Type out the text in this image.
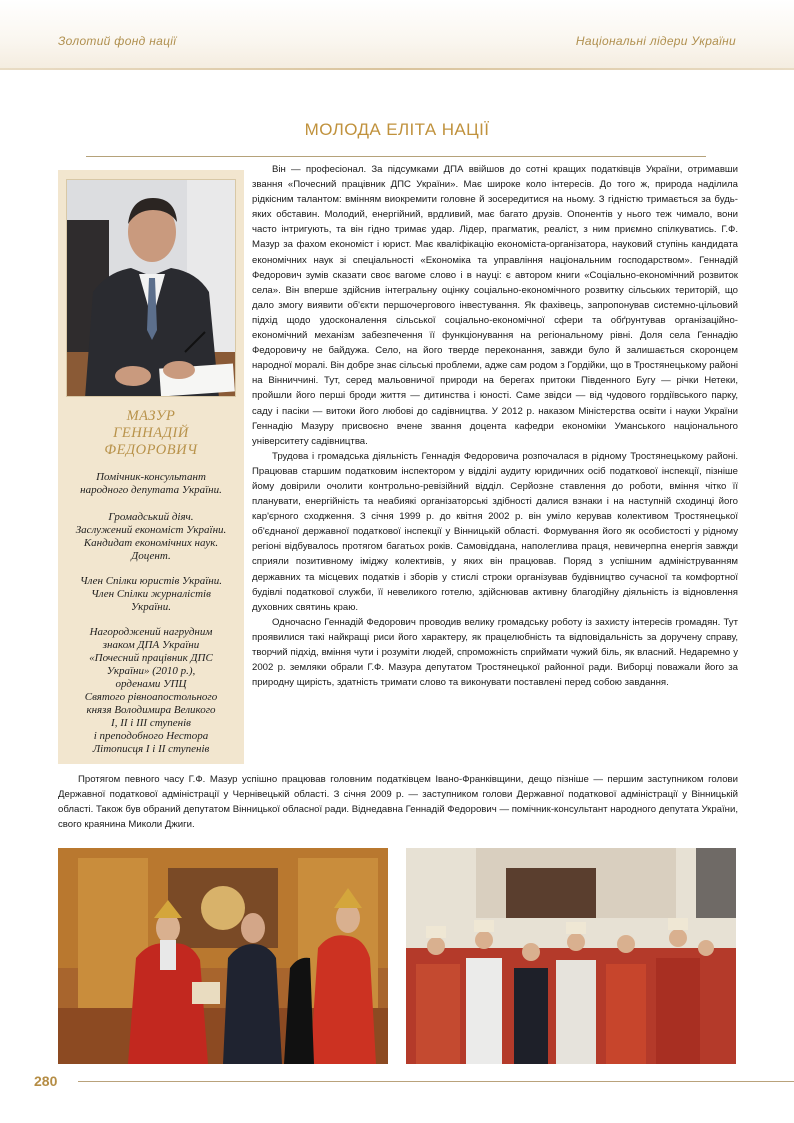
Золотий фонд нації	Національні лідери України
МОЛОДА ЕЛІТА НАЦІЇ
МАЗУР
ГЕННАДІЙ
ФЕДОРОВИЧ
Помічник-консультант
народного депутата України.
Громадський діяч.
Заслужений економіст України.
Кандидат економічних наук.
Доцент.
Член Спілки юристів України.
Член Спілки журналістів
України.
Нагороджений нагрудним
знаком ДПА України
«Почесний працівник ДПС
України» (2010 р.),
орденами УПЦ
Святого рівноапостольного
князя Володимира Великого
І, ІІ і ІІІ ступенів
і преподобного Нестора
Літописця І і ІІ ступенів

Він — професіонал. За підсумками ДПА ввійшов до сотні кращих податківців України, отримавши звання «Почесний працівник ДПС України». Має широке коло інтересів. До того ж, природа наділила рідкісним талантом: вмінням виокремити головне й зосередитися на ньому. З гідністю тримається за будь-яких обставин. Молодий, енергійний, врдливий, має багато друзів. Опонентів у нього теж чимало, вони часто інтригують, та він гідно тримає удар. Лідер, прагматик, реаліст, з ним приємно спілкуватись. Г.Ф. Мазур за фахом економіст і юрист. Має кваліфікацію економіста-організатора, науковий ступінь кандидата економічних наук зі спеціальності «Економіка та управління національним господарством». Геннадій Федорович зумів сказати своє вагоме слово і в науці: є автором книги «Соціально-економічний розвиток села». Він вперше здійснив інтегральну оцінку соціально-економічного розвитку сільських територій, що дало змогу виявити об'єкти першочергового інвестування. Як фахівець, запропонував системно-цільовий підхід щодо удосконалення сільської соціально-економічної сфери та обґрунтував організаційно-економічний механізм забезпечення її функціонування на регіональному рівні. Доля села Геннадію Федоровичу не байдужа. Село, на його тверде переконання, завжди було й залишається скоронцем народної моралі. Він добре знає сільські проблеми, адже сам родом з Гордійки, що в Тростянецькому районі на Вінниччині. Тут, серед мальовничої природи на берегах притоки Південного Бугу — річки Нетеки, пройшли його перші броди життя — дитинства і юності. Саме звідси — від чудового гордіївського парку, саду і пасіки — витоки його любові до садівництва. У 2012 р. наказом Міністерства освіти і науки України Геннадію Мазуру присвоєно вчене звання доцента кафедри економіки Уманського національного університету садівництва.

Трудова і громадська діяльність Геннадія Федоровича розпочалася в рідному Тростянецькому районі. Працював старшим податковим інспектором у відділі аудиту юридичних осіб податкової інспекції, пізніше йому довірили очолити контрольно-ревізійний відділ. Серйозне ставлення до роботи, вміння чітко її планувати, енергійність та неабиякі організаторські здібності далися взнаки і на наступній сходинці його кар'єрного сходження. З січня 1999 р. до квітня 2002 р. він уміло керував колективом Тростянецької об'єднаної державної податкової інспекції у Вінницькій області. Формування його як особистості у рідному регіоні відбувалось протягом багатьох років. Самовіддана, наполеглива праця, невичерпна енергія завжди сприяли позитивному іміджу колективів, у яких він працював. Поряд з успішним адмініструванням державних та місцевих податків і зборів у стислі строки організував будівництво сучасної та комфортної будівлі податкової служби, її невеликого готелю, здійснював активну благодійну діяльність із відновлення духовних святинь краю.

Одночасно Геннадій Федорович проводив велику громадську роботу із захисту інтересів громадян. Тут проявилися такі найкращі риси його характеру, як працелюбність та відповідальність за доручену справу, творчий підхід, вміння чути і розуміти людей, спроможність сприймати чужий біль, як власний. Недаремно у 2002 р. земляки обрали Г.Ф. Мазура депутатом Тростянецької районної ради. Виборці поважали його за природну щирість, здатність тримати слово та виконувати поставлені перед собою завдання.

Протягом певного часу Г.Ф. Мазур успішно працював головним податківцем Івано-Франківщини, дещо пізніше — першим заступником голови Державної податкової адміністрації у Чернівецькій області. З січня 2009 р. — заступником голови Державної податкової адміністрації у Вінницькій області. Також був обраний депутатом Вінницької обласної ради. Віднедавна Геннадій Федорович — помічник-консультант народного депутата України, свого краянина Миколи Джиги.

280
